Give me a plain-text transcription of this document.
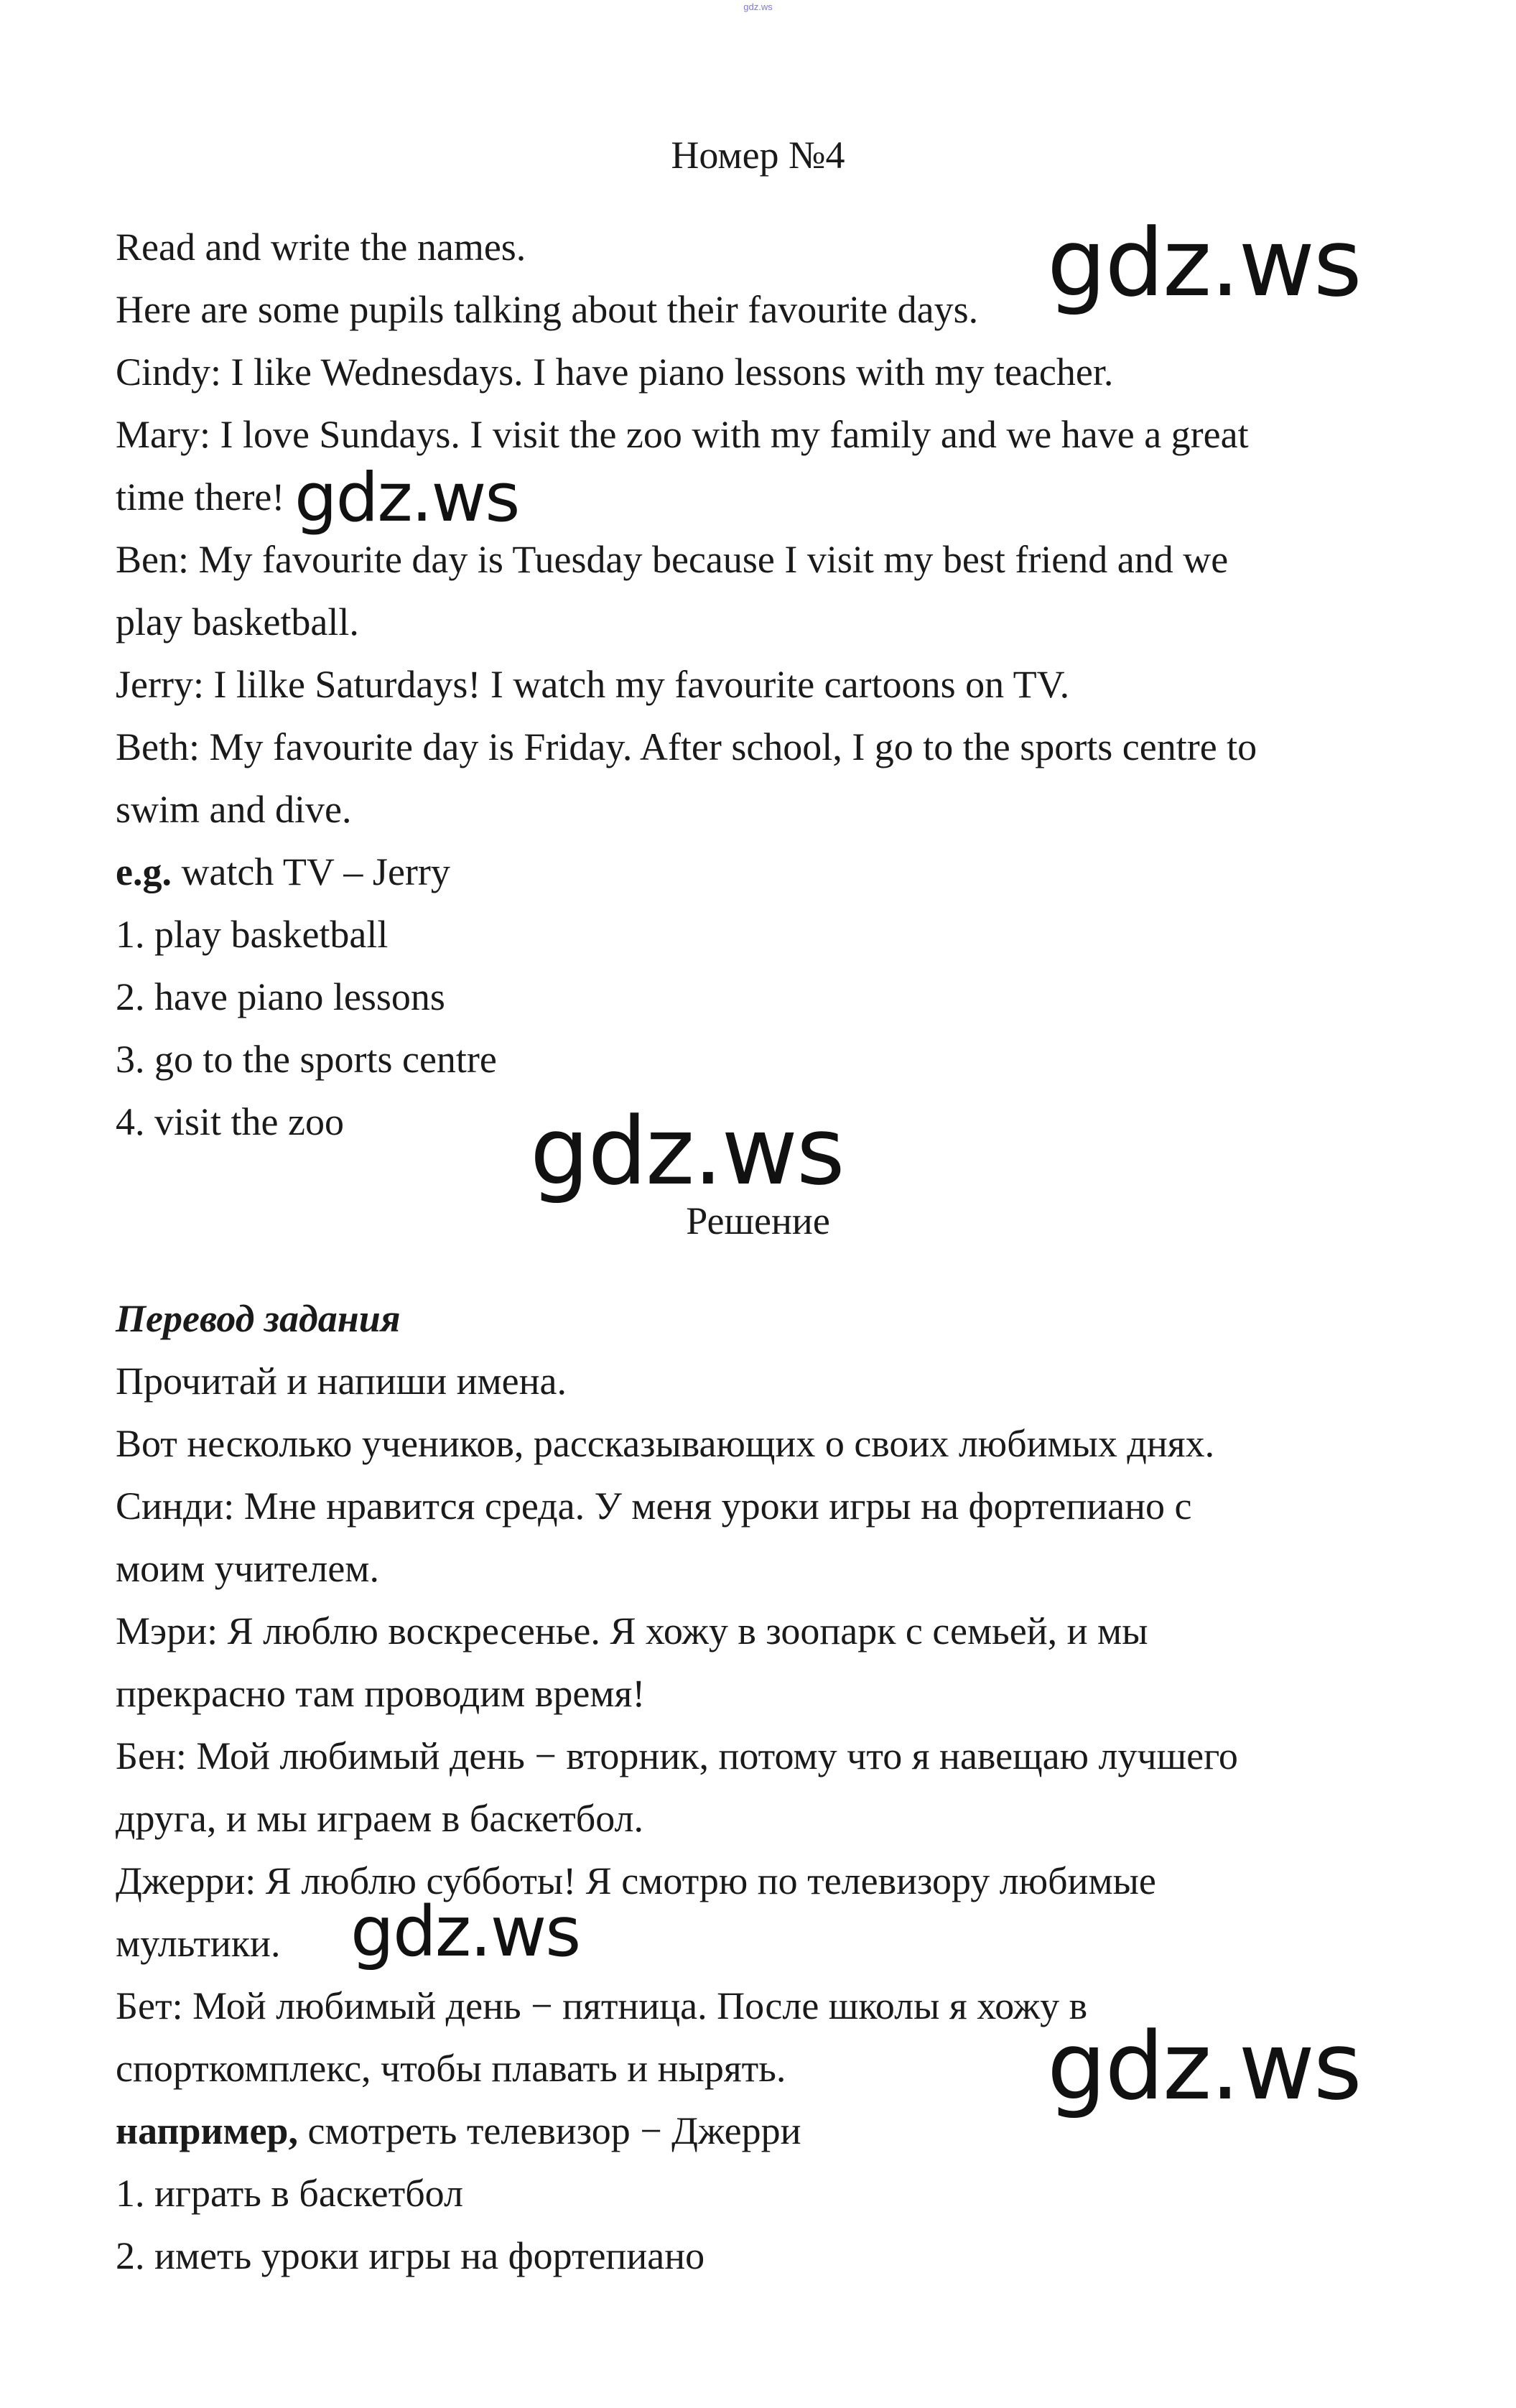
gdz.ws
Номер №4
Read and write the names.
Here are some pupils talking about their favourite days.
Cindy: I like Wednesdays. I have piano lessons with my teacher.
Mary: I love Sundays. I visit the zoo with my family and we have a great
time there!
Ben: My favourite day is Tuesday because I visit my best friend and we
play basketball.
Jerry: I lilke Saturdays! I watch my favourite cartoons on TV.
Beth: My favourite day is Friday. After school, I go to the sports centre to
swim and dive.
e.g. watch TV – Jerry
1. play basketball
2. have piano lessons
3. go to the sports centre
4. visit the zoo
Решение
Перевод задания
Прочитай и напиши имена.
Вот несколько учеников, рассказывающих о своих любимых днях.
Синди: Мне нравится среда. У меня уроки игры на фортепиано с
моим учителем.
Мэри: Я люблю воскресенье. Я хожу в зоопарк с семьей, и мы
прекрасно там проводим время!
Бен: Мой любимый день − вторник, потому что я навещаю лучшего
друга, и мы играем в баскетбол.
Джерри: Я люблю субботы! Я смотрю по телевизору любимые
мультики.
Бет: Мой любимый день − пятница. После школы я хожу в
спорткомплекс, чтобы плавать и нырять.
например, смотреть телевизор − Джерри
1. играть в баскетбол
2. иметь уроки игры на фортепиано
gdz.ws
gdz.ws
gdz.ws
gdz.ws
gdz.ws
